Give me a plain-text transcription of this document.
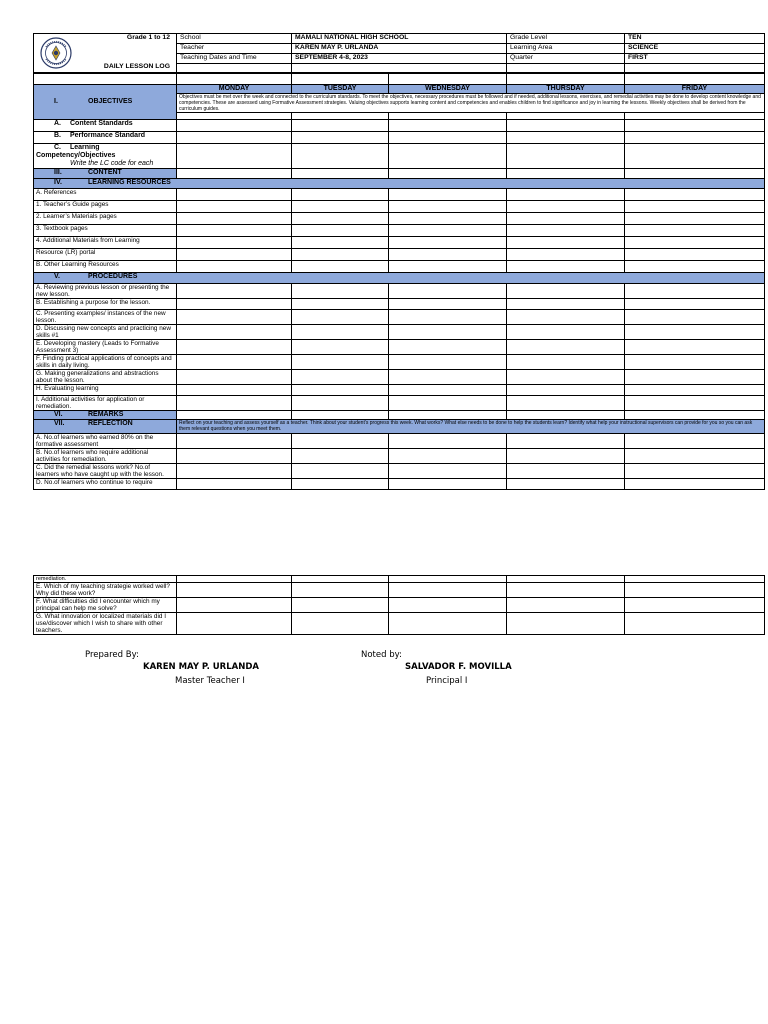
Grade 1 to 12
DAILY LESSON LOG	School	MAMALI NATIONAL HIGH SCHOOL	Grade Level	TEN
	Teacher	KAREN MAY P. URLANDA	Learning Area	SCIENCE
	Teaching Dates and Time	SEPTEMBER 4-8, 2023	Quarter	FIRST

I. OBJECTIVES	MONDAY	TUESDAY	WEDNESDAY	THURSDAY	FRIDAY
	Objectives must be met over the week and connected to the curriculum standards. To meet the objectives, necessary procedures must be followed and if needed, additional lessons, exercises, and remedial activities may be done to develop content knowledge and competencies. These are assessed using Formative Assessment strategies. Valuing objectives supports learning content and competencies and enables children to find significance and joy in learning the lessons. Weekly objectives shall be derived from the curriculum guides.				

A. Content Standards					
B. Performance Standard					
C. Learning Competency/Objectives
Write the LC code for each					
III. CONTENT					
IV. LEARNING RESOURCES					
A. References					
1. Teacher’s Guide pages					
2. Learner’s Materials pages					
3. Textbook pages					
4. Additional Materials from Learning					
Resource (LR) portal					
B. Other Learning Resources					
V. PROCEDURES					
A. Reviewing previous lesson or presenting the new lesson.					
B. Establishing a purpose for the lesson.					
C. Presenting examples/ instances of the new lesson.					
D. Discussing new concepts and practicing new skills #1					
E. Developing mastery (Leads to Formative Assessment 3)					
F. Finding practical applications of concepts and skills in daily living.					
G. Making generalizations and abstractions about the lesson.					
H. Evaluating learning					
I. Additional activities for application or remediation.					
VI. REMARKS					
VII. REFLECTION	Reflect on your teaching and assess yourself as a teacher. Think about your student’s progress this week. What works? What else needs to be done to help the students learn? Identify what help your instructional supervisors can provide for you so you can ask them relevant questions when you meet them.				
A. No.of learners who earned 80% on the formative assessment					
B. No.of learners who require additional activities for remediation.					
C. Did the remedial lessons work? No.of learners who have caught up with the lesson.					
D. No.of learners who continue to require					
remediation.					
E. Which of my teaching strategie worked well? Why did these work?					
F. What difficulties did I encounter which my principal can help me solve?					
G. What innovation or localized materials did I use/discover which I wish to share with other teachers.					
Prepared By:
KAREN MAY P. URLANDA
Master Teacher I
Noted by:
SALVADOR F. MOVILLA
Principal I
